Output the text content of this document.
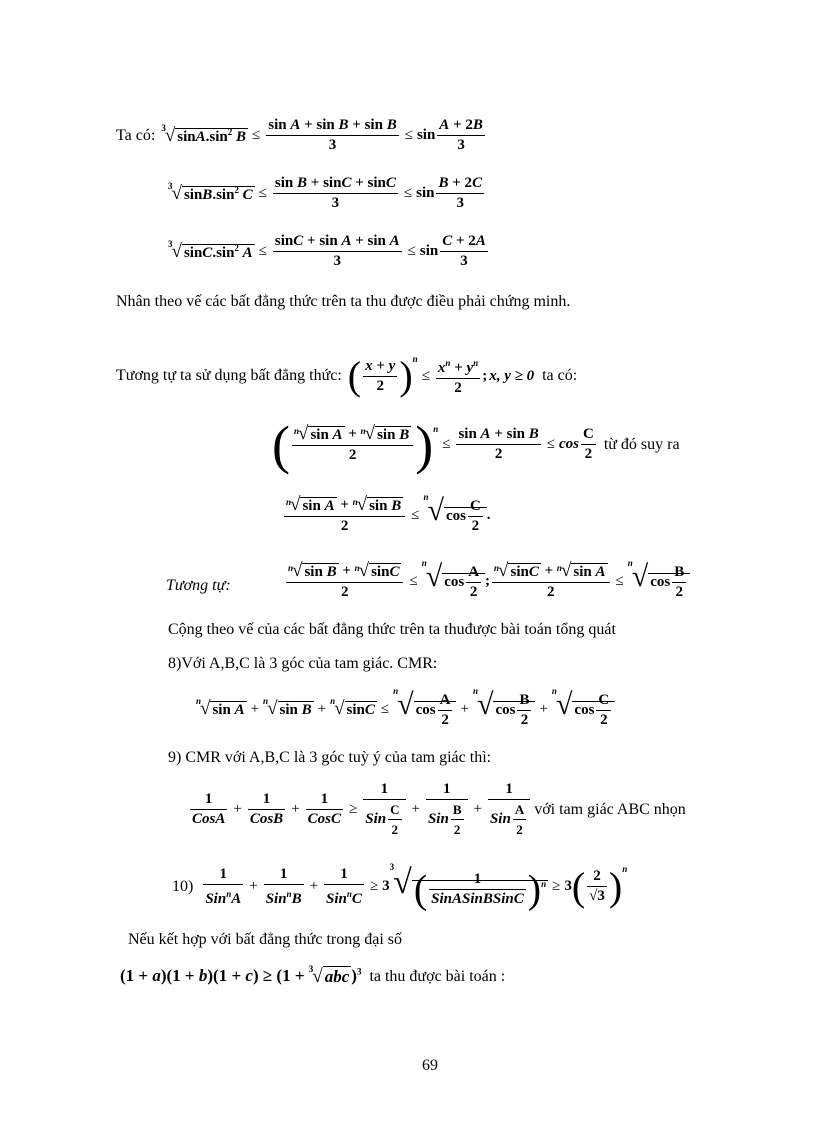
Ta có: $^3$√ $\sin A.\sin^2$ $B \le \frac{\text{sin A + sin B + sin B}}{3} \le \sin \frac{A + 2B}{3}$
$^3$√ $\sin B.\sin^2$ $C \le \frac{\text{sin B + sinC + sinC}}{3} \le \sin \frac{B + 2C}{3}$
$^3$√ $\sin C.\sin^2$ $A \le \frac{\text{sinC + sin A + sin A}}{3} \le \sin \frac{C + 2A}{3}$
Nhân theo vế các bất đẳng thức trên ta thu được điều phải chứng minh.
Tương tự ta sử dụng bất đẳng thức: ( $\frac{x + y}{2}$ ) n
≤ $\frac{x^n + y^n}{2}$ ; x, y ≥ 0 ta có:
( $\frac{^n√ \sin A + ^n√ \sin B}{2}$ ) n
≤ $\frac{\text{sin A + sin B}}{2} \le \cos \frac{C}{2}$ từ đó suy ra
$\frac{^n√ \sin A + ^n√ \sin B}{2}$ ≤
$^n$√ $\cos \frac{C}{2}$ .
Tương tự:	$\frac{^n√ \sin B + ^n√ \sin C}{2}$ ≤
$^n$√ $\cos \frac{A}{2}$ ; $\frac{^n√ \sin C + ^n√ \sin A}{2}$ ≤
$^n$√ $\cos \frac{B}{2}$
Cộng theo vế của các bất đẳng thức trên ta thuđược bài toán tổng quát
8)Với A,B,C là 3 góc của tam giác. CMR:
$^n$√ sin A + $^n$√ sin B + $^n$√ sinC ≤
$^n$√ $\cos \frac{A}{2}$ +
$^n$√ $\cos \frac{B}{2}$ +
$^n$√ $\cos \frac{C}{2}$
9) CMR với A,B,C là 3 góc tuỳ ý của tam giác thì:
$\frac{1}{\text{CosA}} + \frac{1}{\text{CosB}} + \frac{1}{\text{CosC}} \ge \frac{1}{Sin \frac{C}{2}} + \frac{1}{Sin \frac{B}{2}} + \frac{1}{Sin \frac{A}{2}}$ với tam giác ABC nhọn
$10) \frac{1}{Sin^nA} + \frac{1}{Sin^nB} + \frac{1}{Sin^nC} \ge 3$
$^3√( \frac{1}{\text{SinASinBSinC}} )^n \ge 3$ ( $\frac{2}{√3}$ ) n
Nếu kết hợp với bất đẳng thức trong đại số
(1 + a)(1 + b)(1 + c) ≥ (1 + $^3$√ abc )$^3$ ta thu được bài toán :
69
